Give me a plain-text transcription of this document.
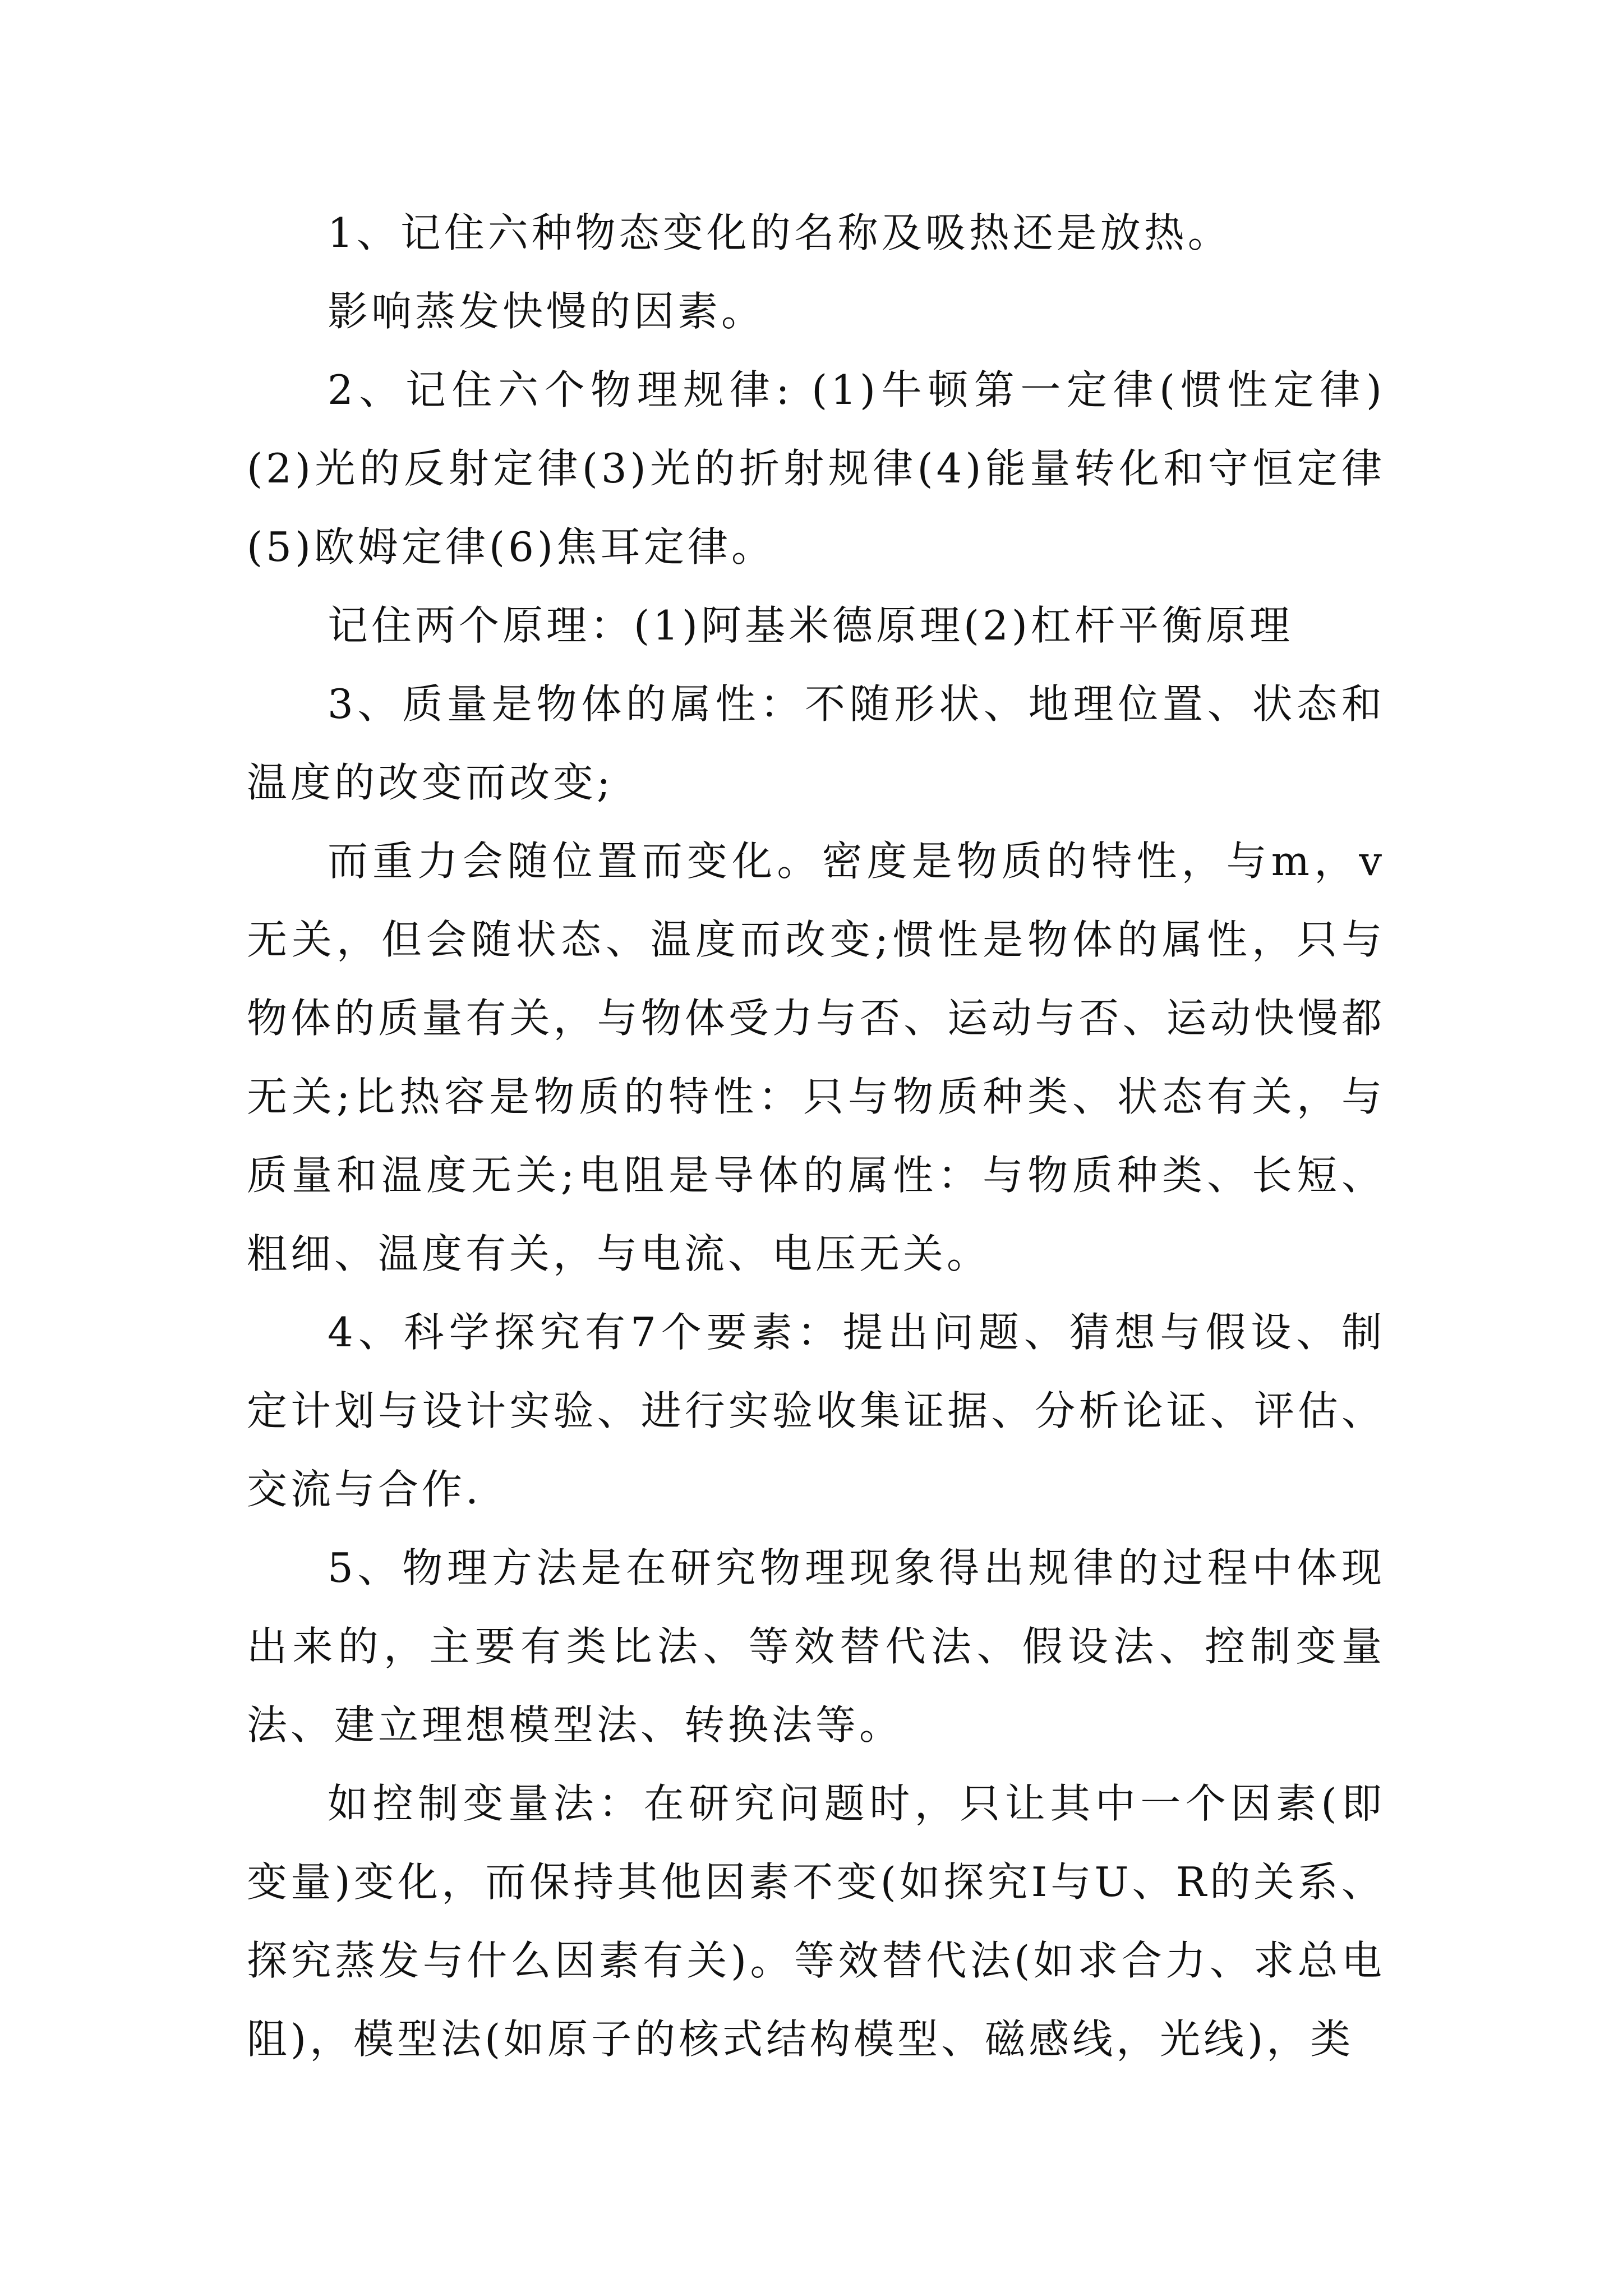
1、记住六种物态变化的名称及吸热还是放热。

影响蒸发快慢的因素。

2、记住六个物理规律: (1)牛顿第一定律(惯性定律)(2)光的反射定律(3)光的折射规律(4)能量转化和守恒定律(5)欧姆定律(6)焦耳定律。

记住两个原理：(1)阿基米德原理(2)杠杆平衡原理

3、质量是物体的属性：不随形状、地理位置、状态和温度的改变而改变;

而重力会随位置而变化。密度是物质的特性，与m，v无关，但会随状态、温度而改变;惯性是物体的属性，只与物体的质量有关，与物体受力与否、运动与否、运动快慢都无关;比热容是物质的特性：只与物质种类、状态有关，与质量和温度无关;电阻是导体的属性：与物质种类、长短、粗细、温度有关，与电流、电压无关。

4、科学探究有7个要素：提出问题、猜想与假设、制定计划与设计实验、进行实验收集证据、分析论证、评估、交流与合作.

5、物理方法是在研究物理现象得出规律的过程中体现出来的，主要有类比法、等效替代法、假设法、控制变量法、建立理想模型法、转换法等。

如控制变量法：在研究问题时，只让其中一个因素(即变量)变化，而保持其他因素不变(如探究I与U、R的关系、探究蒸发与什么因素有关)。等效替代法(如求合力、求总电阻)，模型法(如原子的核式结构模型、磁感线，光线)，类
